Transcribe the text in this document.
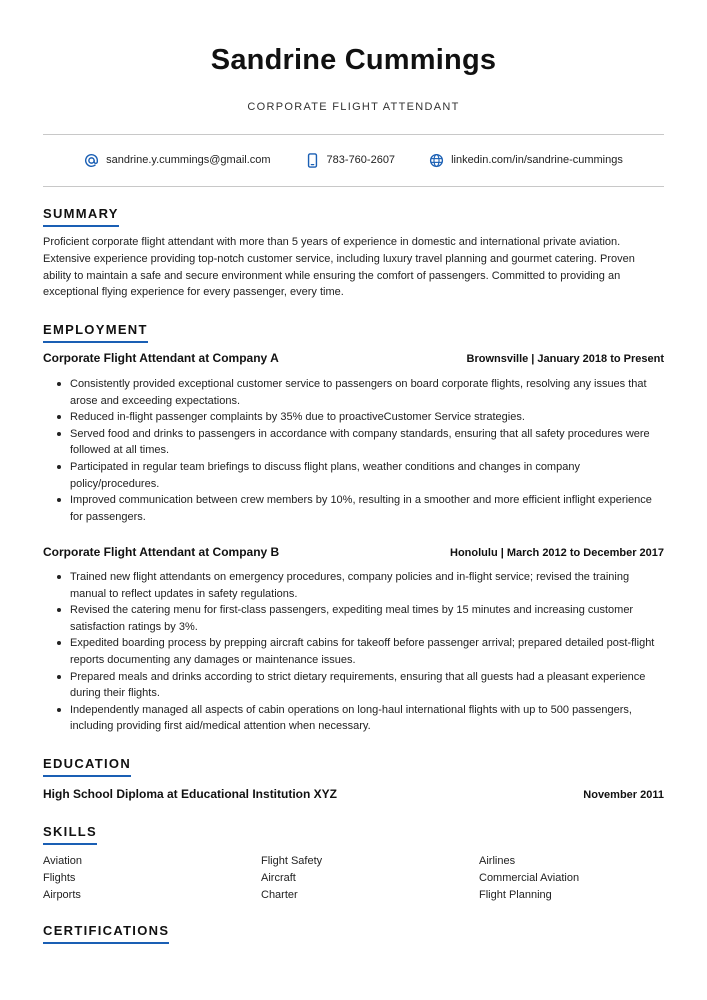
Sandrine Cummings
CORPORATE FLIGHT ATTENDANT
sandrine.y.cummings@gmail.com	783-760-2607	linkedin.com/in/sandrine-cummings
SUMMARY
Proficient corporate flight attendant with more than 5 years of experience in domestic and international private aviation. Extensive experience providing top-notch customer service, including luxury travel planning and gourmet catering. Proven ability to maintain a safe and secure environment while ensuring the comfort of passengers. Committed to providing an exceptional flying experience for every passenger, every time.
EMPLOYMENT
Corporate Flight Attendant at Company A	Brownsville | January 2018 to Present
Consistently provided exceptional customer service to passengers on board corporate flights, resolving any issues that arose and exceeding expectations.
Reduced in-flight passenger complaints by 35% due to proactiveCustomer Service strategies.
Served food and drinks to passengers in accordance with company standards, ensuring that all safety procedures were followed at all times.
Participated in regular team briefings to discuss flight plans, weather conditions and changes in company policy/procedures.
Improved communication between crew members by 10%, resulting in a smoother and more efficient inflight experience for passengers.
Corporate Flight Attendant at Company B	Honolulu | March 2012 to December 2017
Trained new flight attendants on emergency procedures, company policies and in-flight service; revised the training manual to reflect updates in safety regulations.
Revised the catering menu for first-class passengers, expediting meal times by 15 minutes and increasing customer satisfaction ratings by 3%.
Expedited boarding process by prepping aircraft cabins for takeoff before passenger arrival; prepared detailed post-flight reports documenting any damages or maintenance issues.
Prepared meals and drinks according to strict dietary requirements, ensuring that all guests had a pleasant experience during their flights.
Independently managed all aspects of cabin operations on long-haul international flights with up to 500 passengers, including providing first aid/medical attention when necessary.
EDUCATION
High School Diploma at Educational Institution XYZ	November 2011
SKILLS
Aviation	Flight Safety	Airlines
Flights	Aircraft	Commercial Aviation
Airports	Charter	Flight Planning
CERTIFICATIONS
